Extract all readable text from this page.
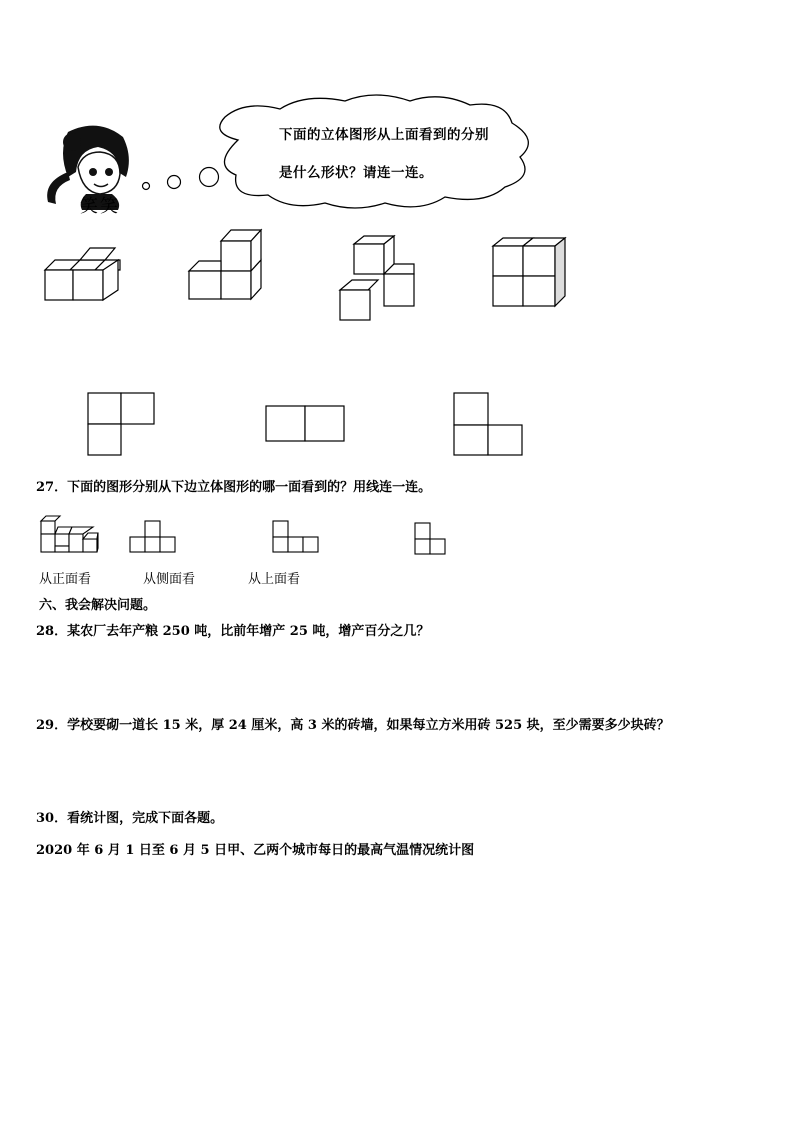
笑笑
下面的立体图形从上面看到的分别
是什么形状？请连一连。
27．下面的图形分别从下边立体图形的哪一面看到的？用线连一连。
从正面看	从侧面看	从上面看
六、我会解决问题。
28．某农厂去年产粮 250 吨，比前年增产 25 吨，增产百分之几？
29．学校要砌一道长 15 米，厚 24 厘米，高 3 米的砖墙，如果每立方米用砖 525 块，至少需要多少块砖？
30．看统计图，完成下面各题。
2020 年 6 月 1 日至 6 月 5 日甲、乙两个城市每日的最高气温情况统计图
